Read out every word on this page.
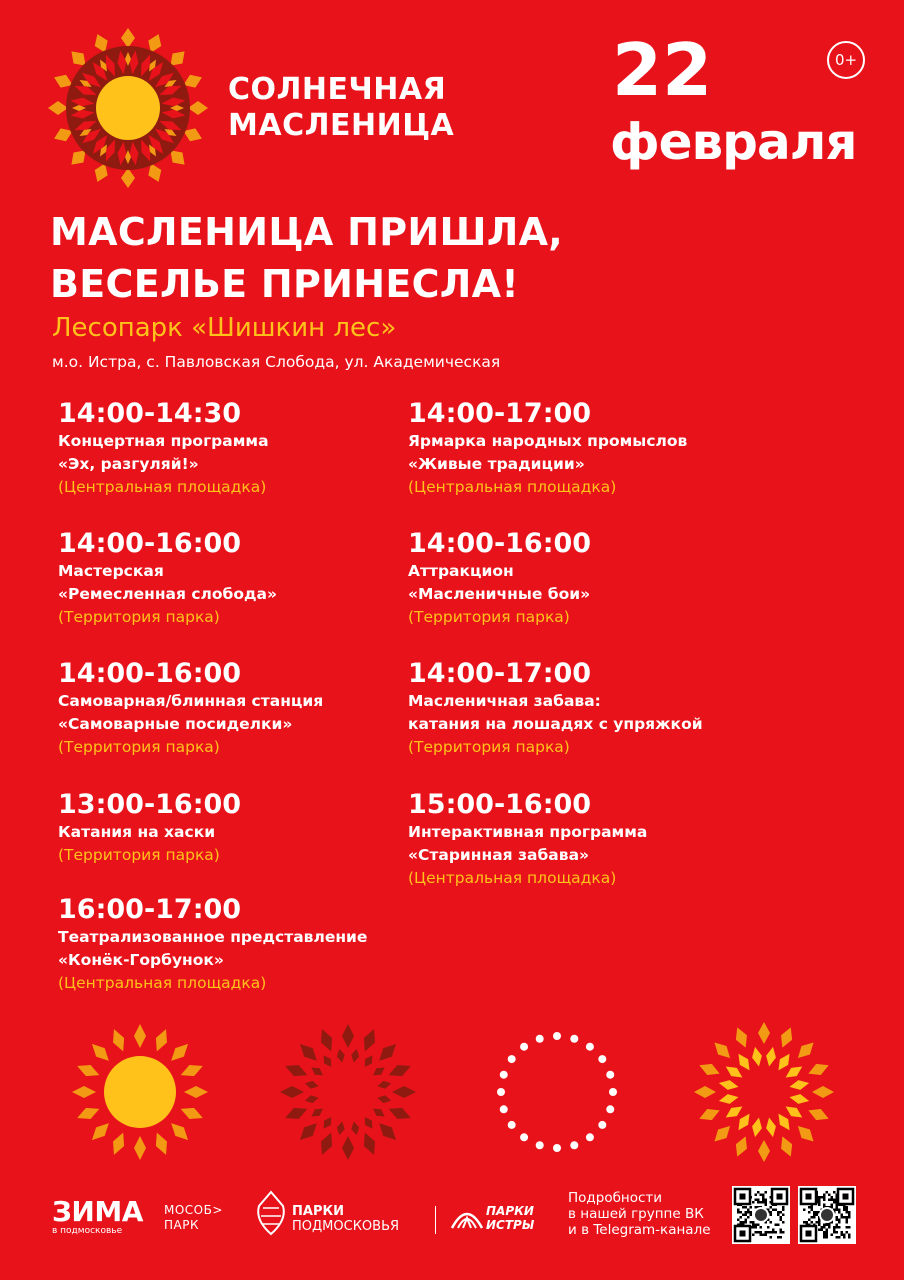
СОЛНЕЧНАЯ
МАСЛЕНИЦА
22	0+
февраля
МАСЛЕНИЦА ПРИШЛА,
ВЕСЕЛЬЕ ПРИНЕСЛА!
Лесопарк «Шишкин лес»
м.о. Истра, с. Павловская Слобода, ул. Академическая
14:00-14:30
Концертная программа
«Эх, разгуляй!»
(Центральная площадка)
14:00-16:00
Мастерская
«Ремесленная слобода»
(Территория парка)
14:00-16:00
Самоварная/блинная станция
«Самоварные посиделки»
(Территория парка)
13:00-16:00
Катания на хаски
(Территория парка)
16:00-17:00
Театрализованное представление
«Конёк-Горбунок»
(Центральная площадка)
14:00-17:00
Ярмарка народных промыслов
«Живые традиции»
(Центральная площадка)
14:00-16:00
Аттракцион
«Масленичные бои»
(Территория парка)
14:00-17:00
Масленичная забава:
катания на лошадях с упряжкой
(Территория парка)
15:00-16:00
Интерактивная программа
«Старинная забава»
(Центральная площадка)
ЗИМА
в подмосковье
МОСОБ>
ПАРК
ПАРКИ
ПОДМОСКОВЬЯ
ПАРКИ
ИСТРЫ
Подробности
в нашей группе ВК
и в Telegram-канале
